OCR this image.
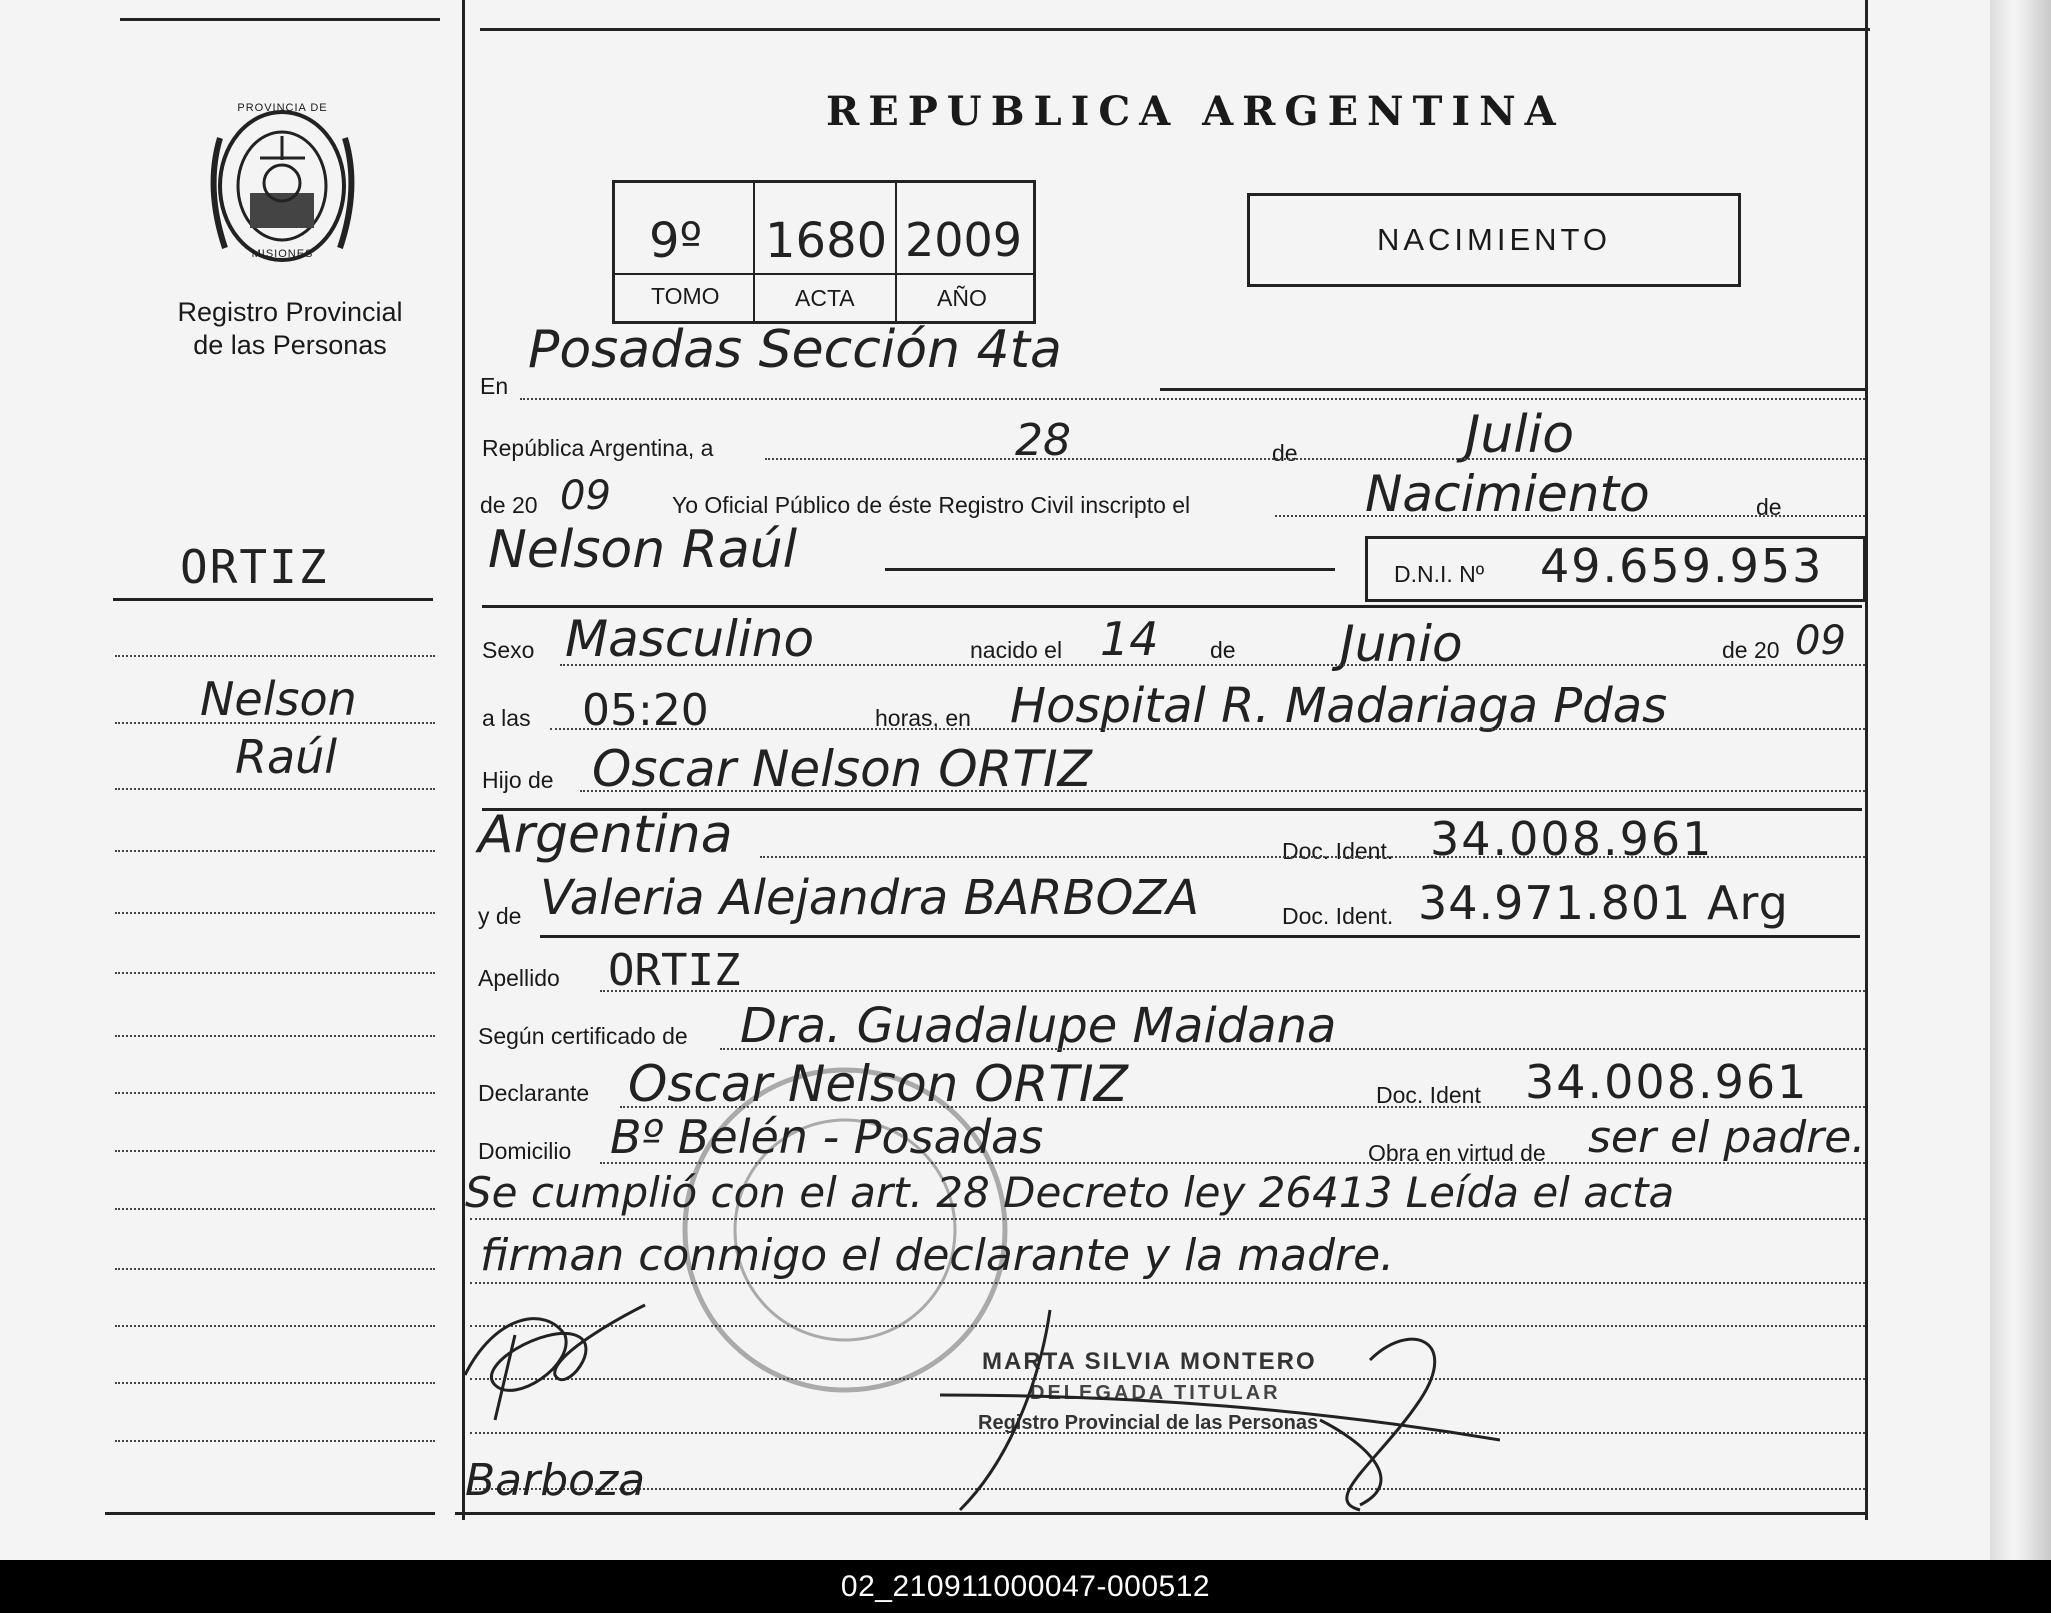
PROVINCIA DE
MISIONES
Registro Provincial
de las Personas
ORTIZ
Nelson
Raúl
REPUBLICA ARGENTINA
9º 1680 2009
TOMO	ACTA	AÑO
NACIMIENTO
En
Posadas Sección 4ta
República Argentina, a	28	de	Julio
de 20 09	Yo Oficial Público de éste Registro Civil inscripto el	Nacimiento	de
Nelson Raúl	D.N.I. Nº 49.659.953
Sexo Masculino	nacido el 14 de Junio	de 20 09
a las 05:20	horas, en Hospital R. Madariaga Pdas
Hijo de Oscar Nelson ORTIZ
Argentina	Doc. Ident. 34.008.961
y de Valeria Alejandra BARBOZA	Doc. Ident. 34.971.801 Arg
Apellido ORTIZ
Según certificado de Dra. Guadalupe Maidana
Declarante Oscar Nelson ORTIZ	Doc. Ident 34.008.961
Domicilio Bº Belén - Posadas	Obra en virtud de ser el padre.
Se cumplió con el art. 28 Decreto ley 26413 Leída el acta
firman conmigo el declarante y la madre.
Barboza
MARTA SILVIA MONTERO
DELEGADA TITULAR
Registro Provincial de las Personas
02_210911000047-000512
